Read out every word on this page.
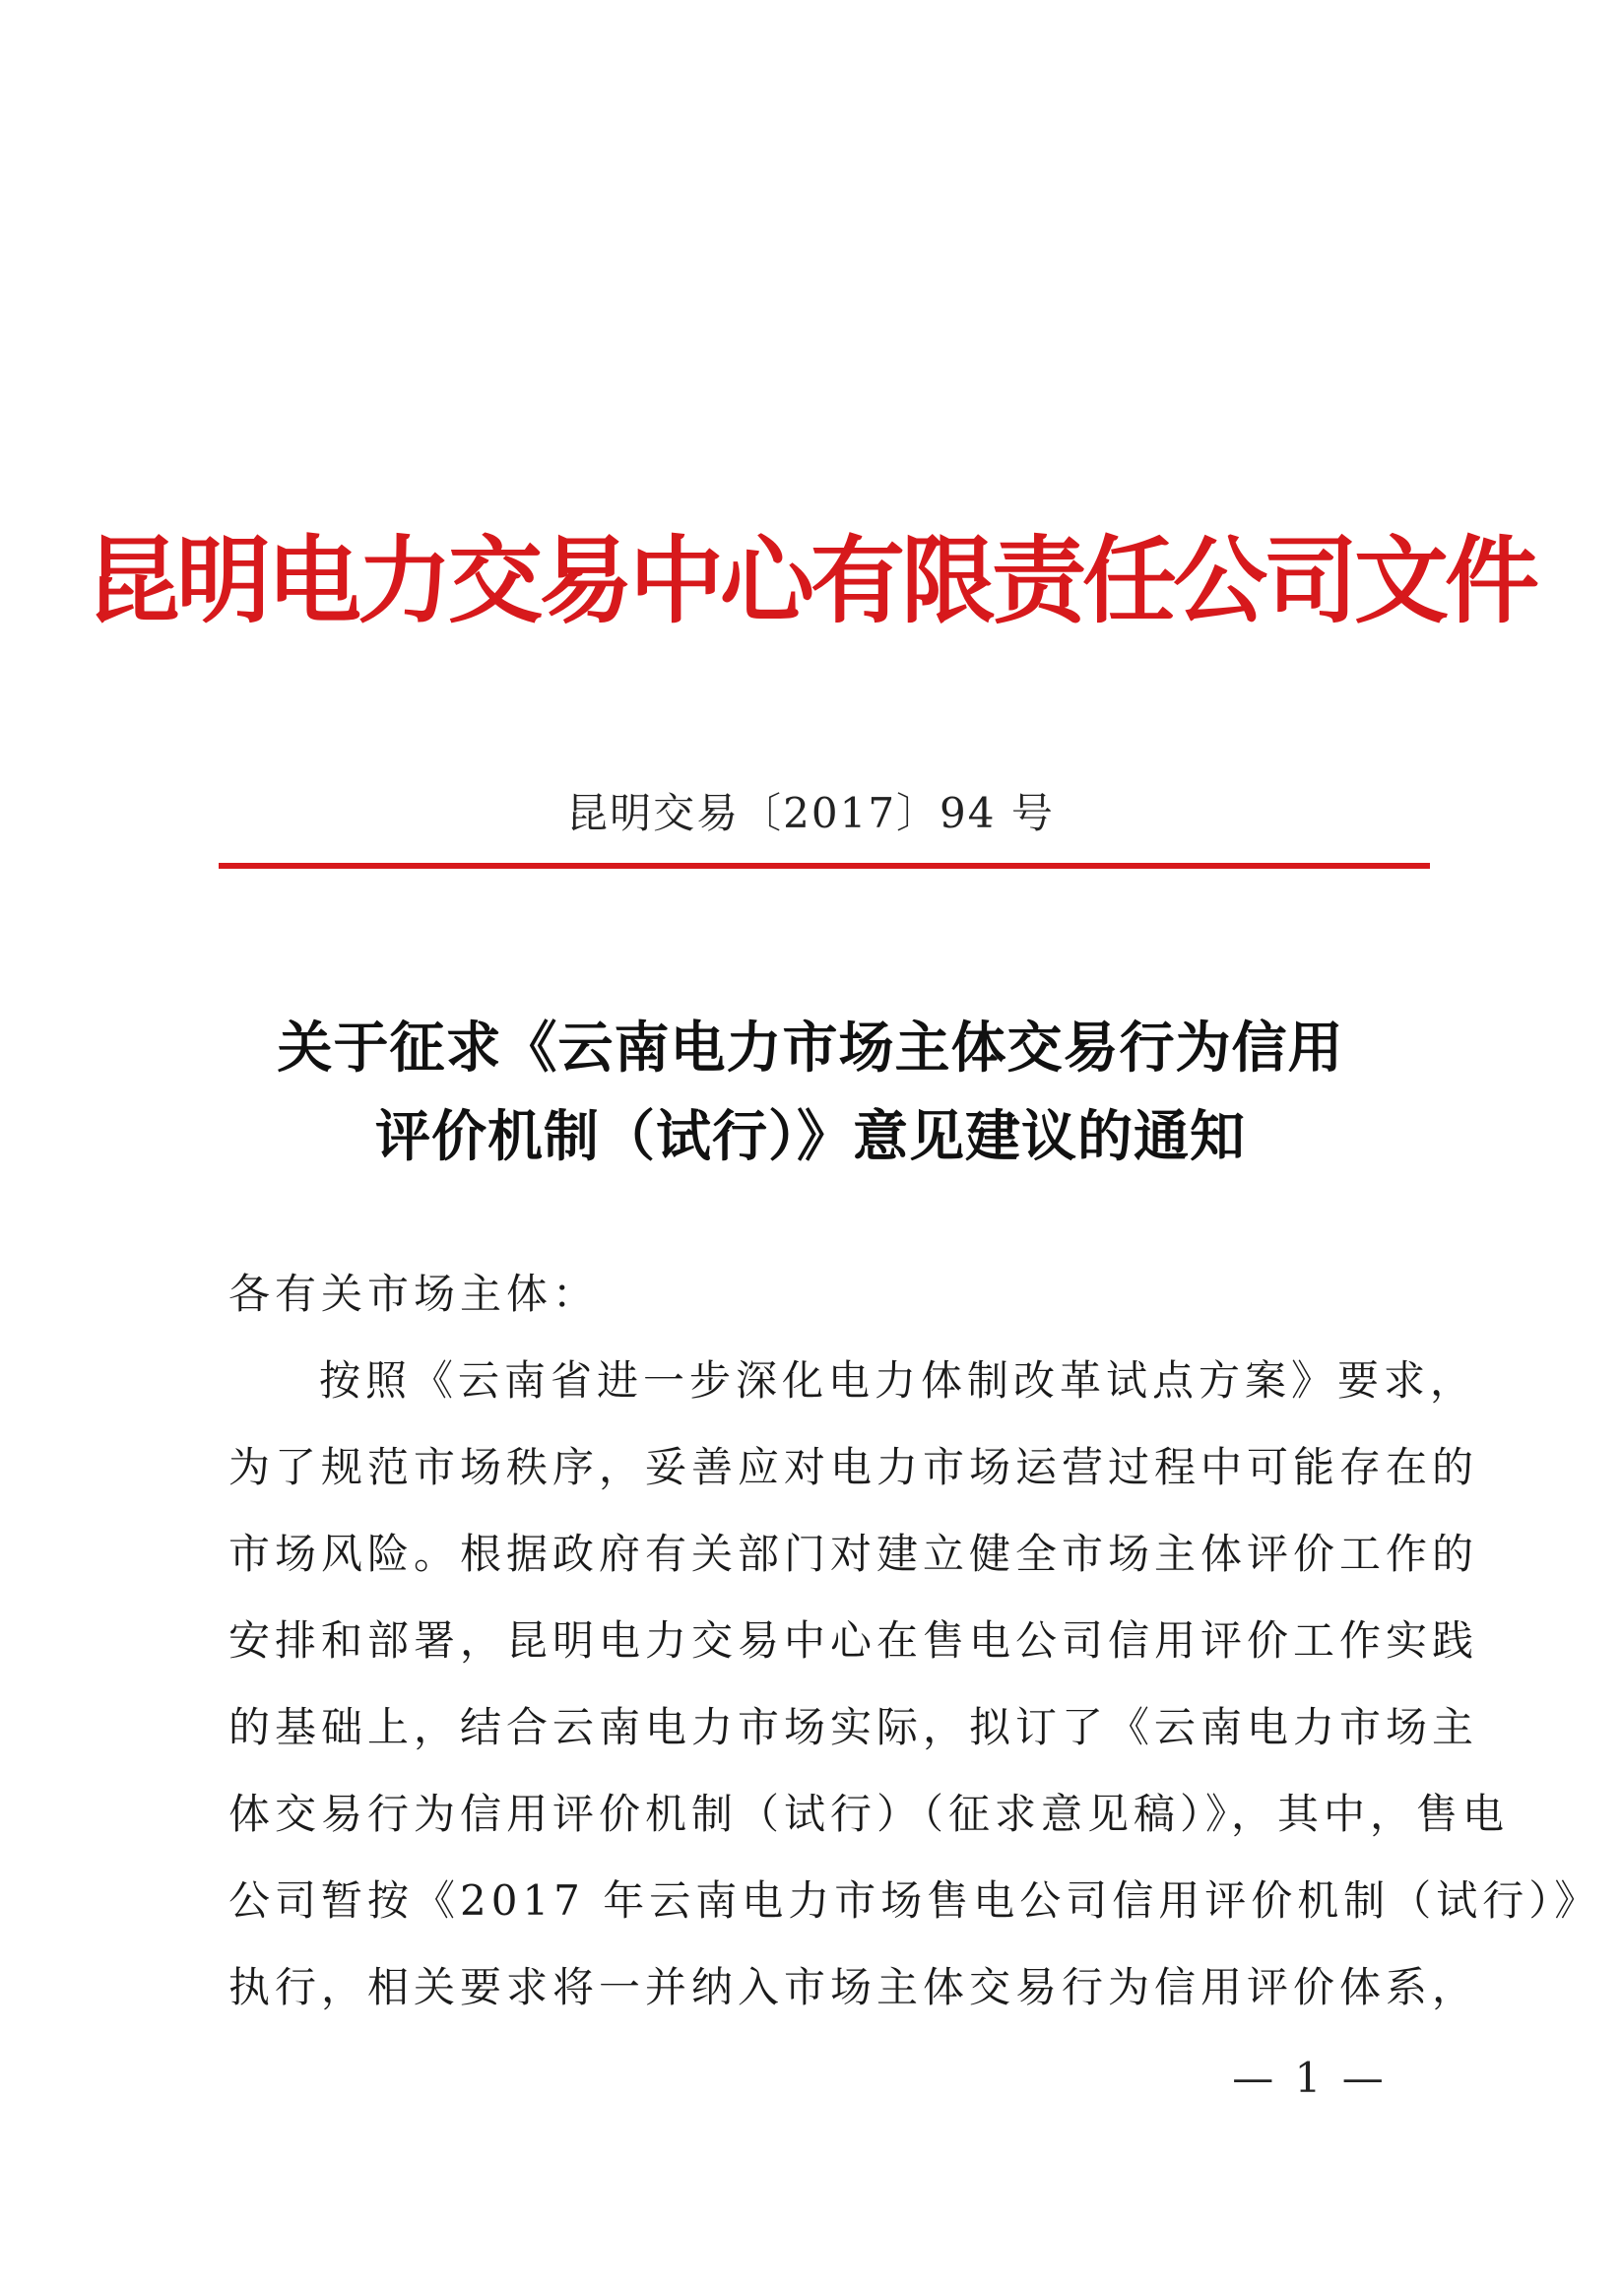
昆明电力交易中心有限责任公司文件
昆明交易〔2017〕94 号
关于征求《云南电力市场主体交易行为信用
评价机制（试行）》意见建议的通知
各有关市场主体：
按照《云南省进一步深化电力体制改革试点方案》要求，
为了规范市场秩序，妥善应对电力市场运营过程中可能存在的
市场风险。根据政府有关部门对建立健全市场主体评价工作的
安排和部署，昆明电力交易中心在售电公司信用评价工作实践
的基础上，结合云南电力市场实际，拟订了《云南电力市场主
体交易行为信用评价机制（试行）（征求意见稿）》，其中，售电
公司暂按《2017 年云南电力市场售电公司信用评价机制（试行）》
执行，相关要求将一并纳入市场主体交易行为信用评价体系，
— 1 —
